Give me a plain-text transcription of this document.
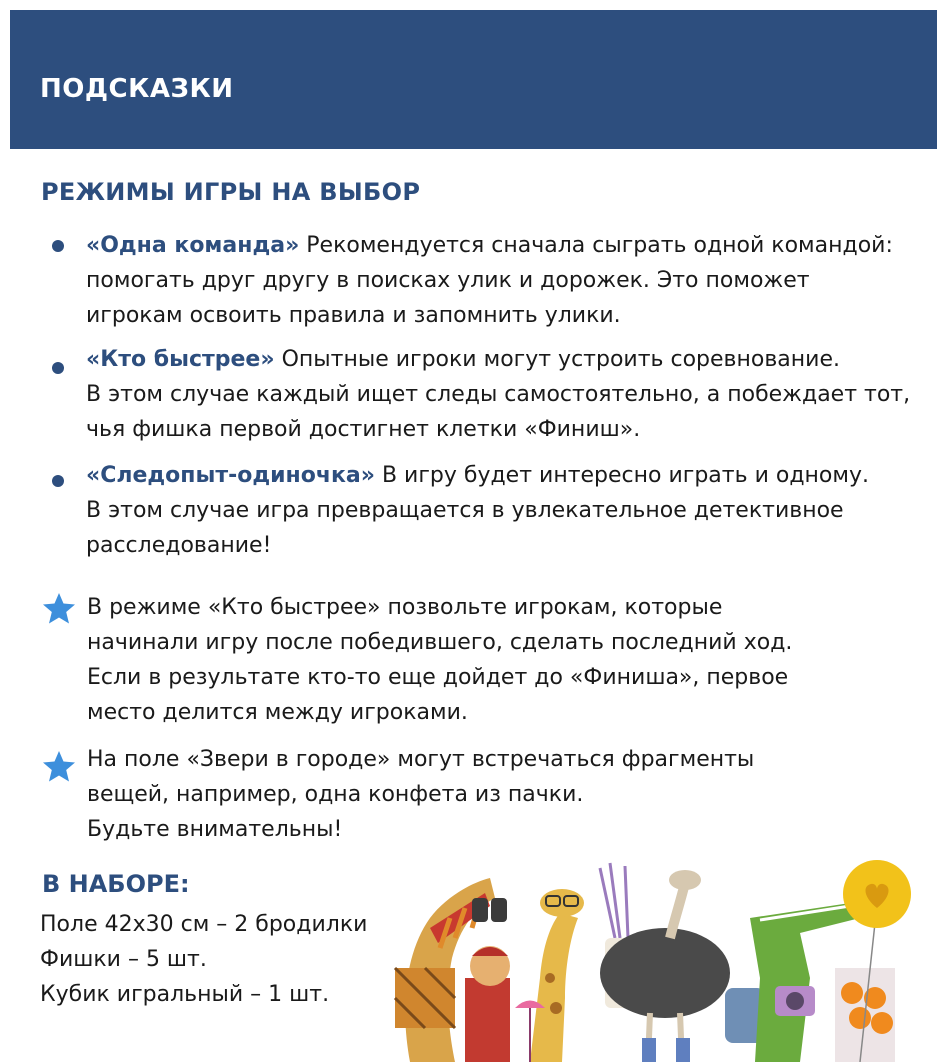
ПОДСКАЗКИ
РЕЖИМЫ ИГРЫ НА ВЫБОР
«Одна команда» Рекомендуется сначала сыграть одной командой:
помогать друг другу в поисках улик и дорожек. Это поможет
игрокам освоить правила и запомнить улики.
«Кто быстрее» Опытные игроки могут устроить соревнование.
В этом случае каждый ищет следы самостоятельно, а побеждает тот,
чья фишка первой достигнет клетки «Финиш».
«Следопыт-одиночка» В игру будет интересно играть и одному.
В этом случае игра превращается в увлекательное детективное
расследование!
В режиме «Кто быстрее» позвольте игрокам, которые
начинали игру после победившего, сделать последний ход.
Если в результате кто-то еще дойдет до «Финиша», первое
место делится между игроками.
На поле «Звери в городе» могут встречаться фрагменты
вещей, например, одна конфета из пачки.
Будьте внимательны!
В НАБОРЕ:
Поле 42х30 см – 2 бродилки
Фишки – 5 шт.
Кубик игральный – 1 шт.
